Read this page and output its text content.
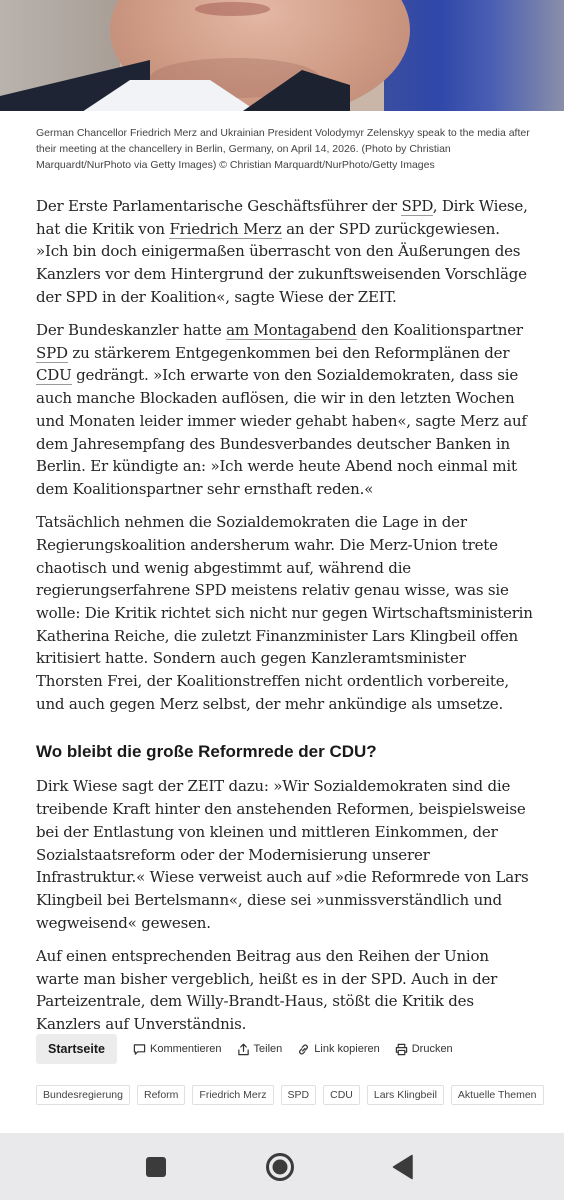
German Chancellor Friedrich Merz and Ukrainian President Volodymyr Zelenskyy speak to the media after their meeting at the chancellery in Berlin, Germany, on April 14, 2026. (Photo by Christian Marquardt/NurPhoto via Getty Images) © Christian Marquardt/NurPhoto/Getty Images

Der Erste Parlamentarische Geschäftsführer der SPD, Dirk Wiese, hat die Kritik von Friedrich Merz an der SPD zurückgewiesen. »Ich bin doch einigermaßen überrascht von den Äußerungen des Kanzlers vor dem Hintergrund der zukunftsweisenden Vorschläge der SPD in der Koalition«, sagte Wiese der ZEIT.

Der Bundeskanzler hatte am Montagabend den Koalitionspartner SPD zu stärkerem Entgegenkommen bei den Reformplänen der CDU gedrängt. »Ich erwarte von den Sozialdemokraten, dass sie auch manche Blockaden auflösen, die wir in den letzten Wochen und Monaten leider immer wieder gehabt haben«, sagte Merz auf dem Jahresempfang des Bundesverbandes deutscher Banken in Berlin. Er kündigte an: »Ich werde heute Abend noch einmal mit dem Koalitionspartner sehr ernsthaft reden.«

Tatsächlich nehmen die Sozialdemokraten die Lage in der Regierungskoalition andersherum wahr. Die Merz-Union trete chaotisch und wenig abgestimmt auf, während die regierungserfahrene SPD meistens relativ genau wisse, was sie wolle: Die Kritik richtet sich nicht nur gegen Wirtschaftsministerin Katherina Reiche, die zuletzt Finanzminister Lars Klingbeil offen kritisiert hatte. Sondern auch gegen Kanzleramtsminister Thorsten Frei, der Koalitionstreffen nicht ordentlich vorbereite, und auch gegen Merz selbst, der mehr ankündige als umsetze.

Wo bleibt die große Reformrede der CDU?

Dirk Wiese sagt der ZEIT dazu: »Wir Sozialdemokraten sind die treibende Kraft hinter den anstehenden Reformen, beispielsweise bei der Entlastung von kleinen und mittleren Einkommen, der Sozialstaatsreform oder der Modernisierung unserer Infrastruktur.« Wiese verweist auch auf »die Reformrede von Lars Klingbeil bei Bertelsmann«, diese sei »unmissverständlich und wegweisend« gewesen.

Auf einen entsprechenden Beitrag aus den Reihen der Union warte man bisher vergeblich, heißt es in der SPD. Auch in der Parteizentrale, dem Willy-Brandt-Haus, stößt die Kritik des Kanzlers auf Unverständnis.

Startseite	Kommentieren	Teilen	Link kopieren	Drucken
Bundesregierung	Reform	Friedrich Merz	SPD	CDU	Lars Klingbeil	Aktuelle Themen
